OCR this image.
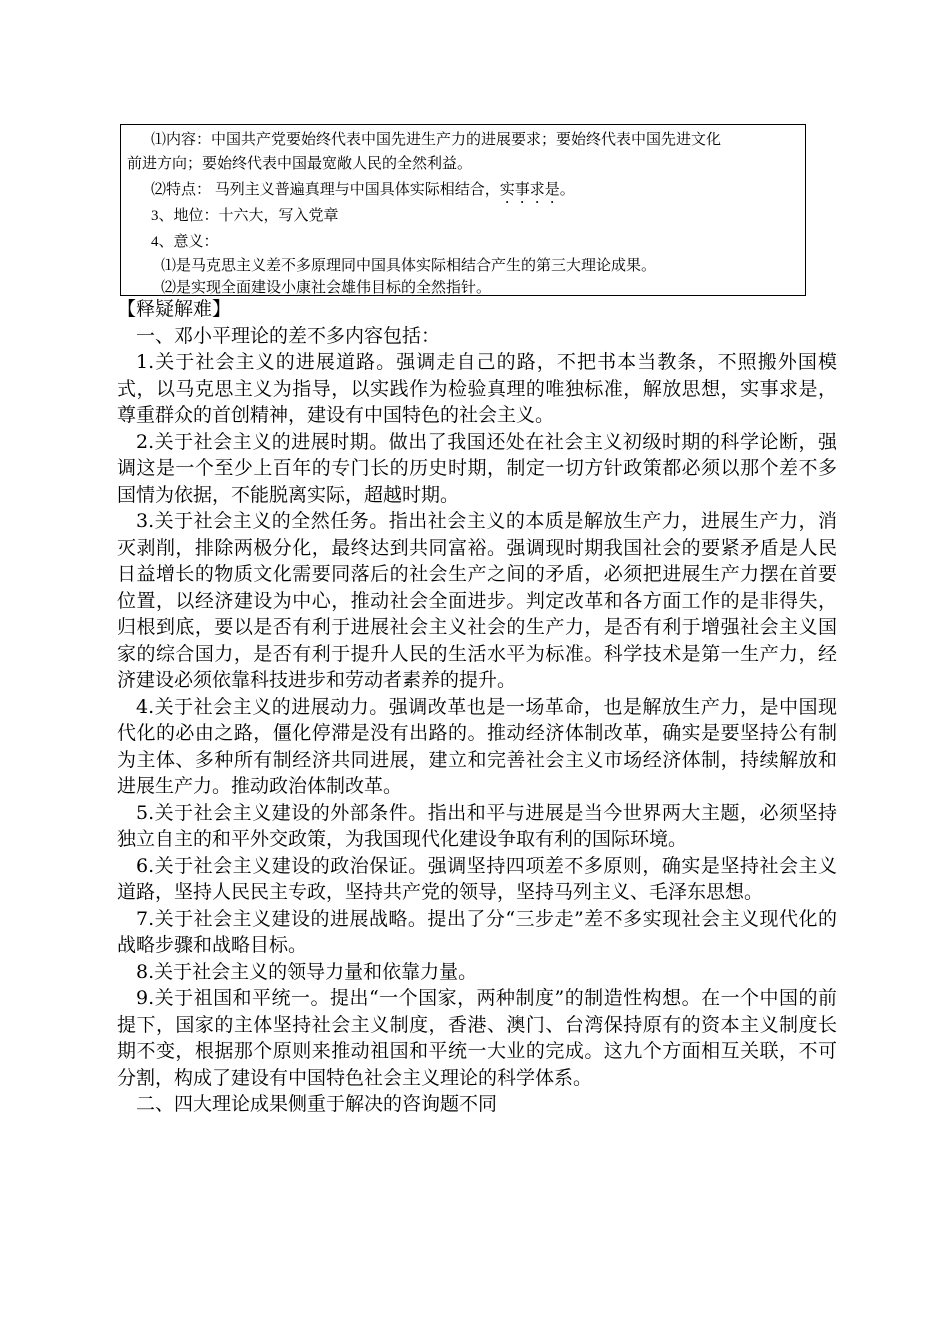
⑴内容：中国共产党要始终代表中国先进生产力的进展要求；要始终代表中国先进文化
前进方向；要始终代表中国最宽敞人民的全然利益。
⑵特点： 马列主义普遍真理与中国具体实际相结合，实事求是。
3、地位：十六大，写入党章
4、意义：
⑴是马克思主义差不多原理同中国具体实际相结合产生的第三大理论成果。
⑵是实现全面建设小康社会雄伟目标的全然指针。

【释疑解难】

一、邓小平理论的差不多内容包括：

1.关于社会主义的进展道路。强调走自己的路，不把书本当教条，不照搬外国模式，以马克思主义为指导，以实践作为检验真理的唯独标准，解放思想，实事求是，尊重群众的首创精神，建设有中国特色的社会主义。

2.关于社会主义的进展时期。做出了我国还处在社会主义初级时期的科学论断，强调这是一个至少上百年的专门长的历史时期，制定一切方针政策都必须以那个差不多国情为依据，不能脱离实际，超越时期。

3.关于社会主义的全然任务。指出社会主义的本质是解放生产力，进展生产力，消灭剥削，排除两极分化，最终达到共同富裕。强调现时期我国社会的要紧矛盾是人民日益增长的物质文化需要同落后的社会生产之间的矛盾，必须把进展生产力摆在首要位置，以经济建设为中心，推动社会全面进步。判定改革和各方面工作的是非得失，归根到底，要以是否有利于进展社会主义社会的生产力，是否有利于增强社会主义国家的综合国力，是否有利于提升人民的生活水平为标准。科学技术是第一生产力，经济建设必须依靠科技进步和劳动者素养的提升。

4.关于社会主义的进展动力。强调改革也是一场革命，也是解放生产力，是中国现代化的必由之路，僵化停滞是没有出路的。推动经济体制改革，确实是要坚持公有制为主体、多种所有制经济共同进展，建立和完善社会主义市场经济体制，持续解放和进展生产力。推动政治体制改革。

5.关于社会主义建设的外部条件。指出和平与进展是当今世界两大主题，必须坚持独立自主的和平外交政策，为我国现代化建设争取有利的国际环境。

6.关于社会主义建设的政治保证。强调坚持四项差不多原则，确实是坚持社会主义道路，坚持人民民主专政，坚持共产党的领导，坚持马列主义、毛泽东思想。

7.关于社会主义建设的进展战略。提出了分“三步走”差不多实现社会主义现代化的战略步骤和战略目标。

8.关于社会主义的领导力量和依靠力量。

9.关于祖国和平统一。提出“一个国家，两种制度”的制造性构想。在一个中国的前提下，国家的主体坚持社会主义制度，香港、澳门、台湾保持原有的资本主义制度长期不变，根据那个原则来推动祖国和平统一大业的完成。这九个方面相互关联，不可分割，构成了建设有中国特色社会主义理论的科学体系。

二、四大理论成果侧重于解决的咨询题不同
